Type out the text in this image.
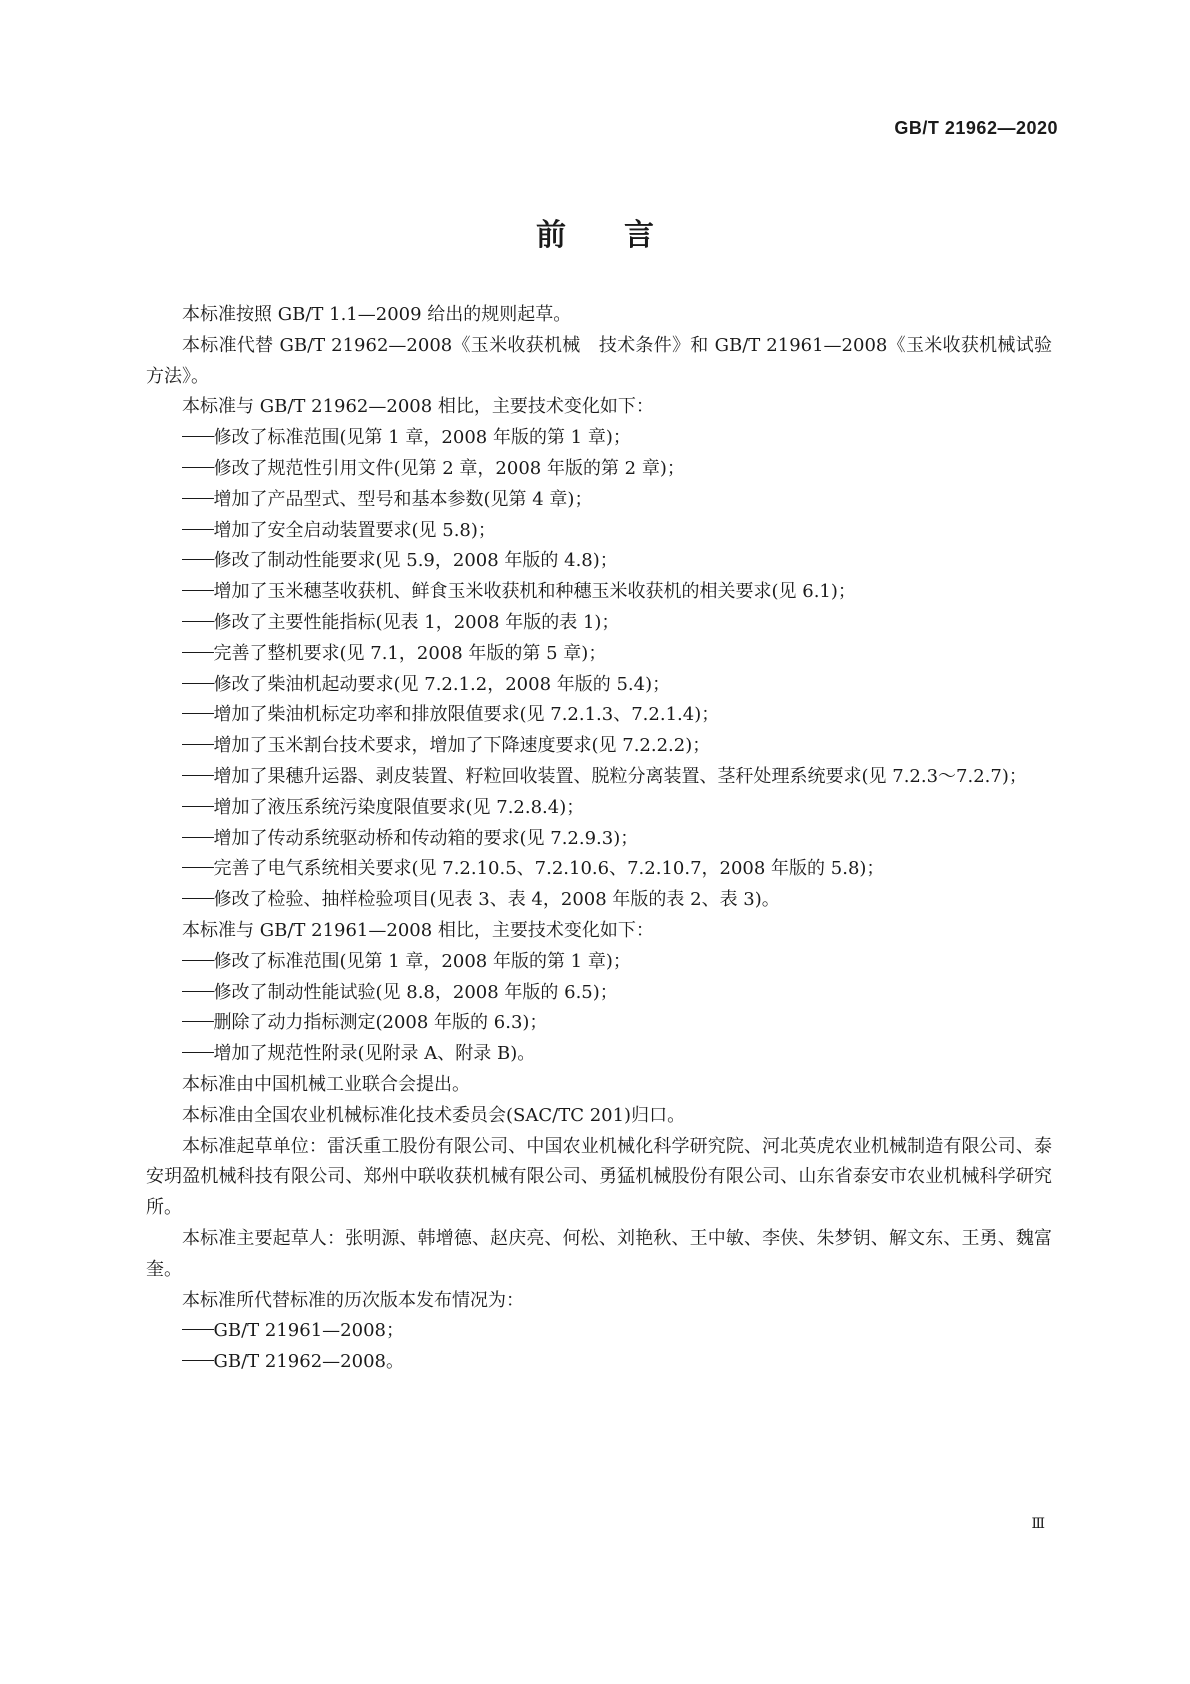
GB/T 21962—2020
前言

本标准按照 GB/T 1.1—2009 给出的规则起草。

本标准代替 GB/T 21962—2008《玉米收获机械　技术条件》和 GB/T 21961—2008《玉米收获机械试验方法》。

本标准与 GB/T 21962—2008 相比，主要技术变化如下：

修改了标准范围(见第 1 章，2008 年版的第 1 章)；

修改了规范性引用文件(见第 2 章，2008 年版的第 2 章)；

增加了产品型式、型号和基本参数(见第 4 章)；

增加了安全启动装置要求(见 5.8)；

修改了制动性能要求(见 5.9，2008 年版的 4.8)；

增加了玉米穗茎收获机、鲜食玉米收获机和种穗玉米收获机的相关要求(见 6.1)；

修改了主要性能指标(见表 1，2008 年版的表 1)；

完善了整机要求(见 7.1，2008 年版的第 5 章)；

修改了柴油机起动要求(见 7.2.1.2，2008 年版的 5.4)；

增加了柴油机标定功率和排放限值要求(见 7.2.1.3、7.2.1.4)；

增加了玉米割台技术要求，增加了下降速度要求(见 7.2.2.2)；

增加了果穗升运器、剥皮装置、籽粒回收装置、脱粒分离装置、茎秆处理系统要求(见 7.2.3～7.2.7)；

增加了液压系统污染度限值要求(见 7.2.8.4)；

增加了传动系统驱动桥和传动箱的要求(见 7.2.9.3)；

完善了电气系统相关要求(见 7.2.10.5、7.2.10.6、7.2.10.7，2008 年版的 5.8)；

修改了检验、抽样检验项目(见表 3、表 4，2008 年版的表 2、表 3)。

本标准与 GB/T 21961—2008 相比，主要技术变化如下：

修改了标准范围(见第 1 章，2008 年版的第 1 章)；

修改了制动性能试验(见 8.8，2008 年版的 6.5)；

删除了动力指标测定(2008 年版的 6.3)；

增加了规范性附录(见附录 A、附录 B)。

本标准由中国机械工业联合会提出。

本标准由全国农业机械标准化技术委员会(SAC/TC 201)归口。

本标准起草单位：雷沃重工股份有限公司、中国农业机械化科学研究院、河北英虎农业机械制造有限公司、泰安玥盈机械科技有限公司、郑州中联收获机械有限公司、勇猛机械股份有限公司、山东省泰安市农业机械科学研究所。

本标准主要起草人：张明源、韩增德、赵庆亮、何松、刘艳秋、王中敏、李侠、朱梦钥、解文东、王勇、魏富奎。

本标准所代替标准的历次版本发布情况为：

GB/T 21961—2008；

GB/T 21962—2008。

Ⅲ
